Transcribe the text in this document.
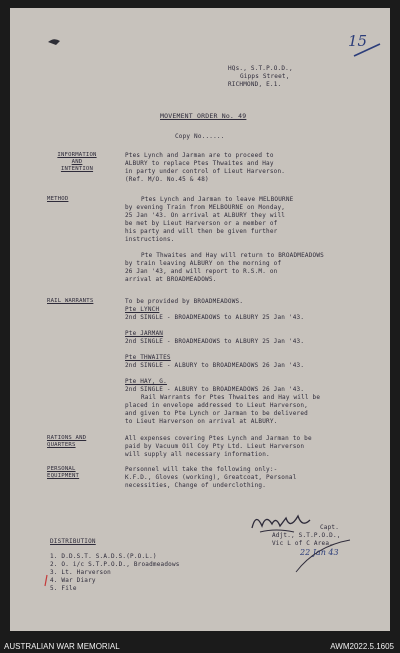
15
HQs., S.T.P.O.D.,
Gipps Street,
RICHMOND, E.1.
MOVEMENT ORDER No. 49
Copy No......
INFORMATION
AND
INTENTION
Ptes Lynch and Jarman are to proceed to
ALBURY to replace Ptes Thwaites and Hay
in party under control of Lieut Harverson.
(Ref. M/O. No.45 & 48)
METHOD	Ptes Lynch and Jarman to leave MELBOURNE
by evening Train from MELBOURNE on Monday,
25 Jan '43. On arrival at ALBURY they will
be met by Lieut Harverson or a member of
his party and will then be given further
instructions.
Pte Thwaites and Hay will return to BROADMEADOWS
by train leaving ALBURY on the morning of
26 Jan '43, and will report to R.S.M. on
arrival at BROADMEADOWS.
RAIL WARRANTS	To be provided by BROADMEADOWS.
Pte LYNCH
2nd SINGLE - BROADMEADOWS to ALBURY 25 Jan '43.
Pte JARMAN
2nd SINGLE - BROADMEADOWS to ALBURY 25 Jan '43.
Pte THWAITES
2nd SINGLE - ALBURY to BROADMEADOWS 26 Jan '43.
Pte HAY, G.
2nd SINGLE - ALBURY to BROADMEADOWS 26 Jan '43.
Rail Warrants for Ptes Thwaites and Hay will be
placed in envelope addressed to Lieut Harverson,
and given to Pte Lynch or Jarman to be delivered
to Lieut Harverson on arrival at ALBURY.
RATIONS AND
QUARTERS
All expenses covering Ptes Lynch and Jarman to be
paid by Vacuum Oil Coy Pty Ltd. Lieut Harverson
will supply all necessary information.
PERSONAL
EQUIPMENT
Personnel will take the following only:-
K.F.D., Gloves (working), Greatcoat, Personal
necessities, Change of underclothing.
Capt.
Adjt., S.T.P.O.D.,
Vic L of C Area,
22 Jan 43
DISTRIBUTION
1. D.D.S.T. S.A.D.S.(P.O.L.)
2. O. i/c S.T.P.O.D., Broadmeadows
3. Lt. Harverson
4. War Diary
5. File
AUSTRALIAN WAR MEMORIAL	AWM2022.5.1605
